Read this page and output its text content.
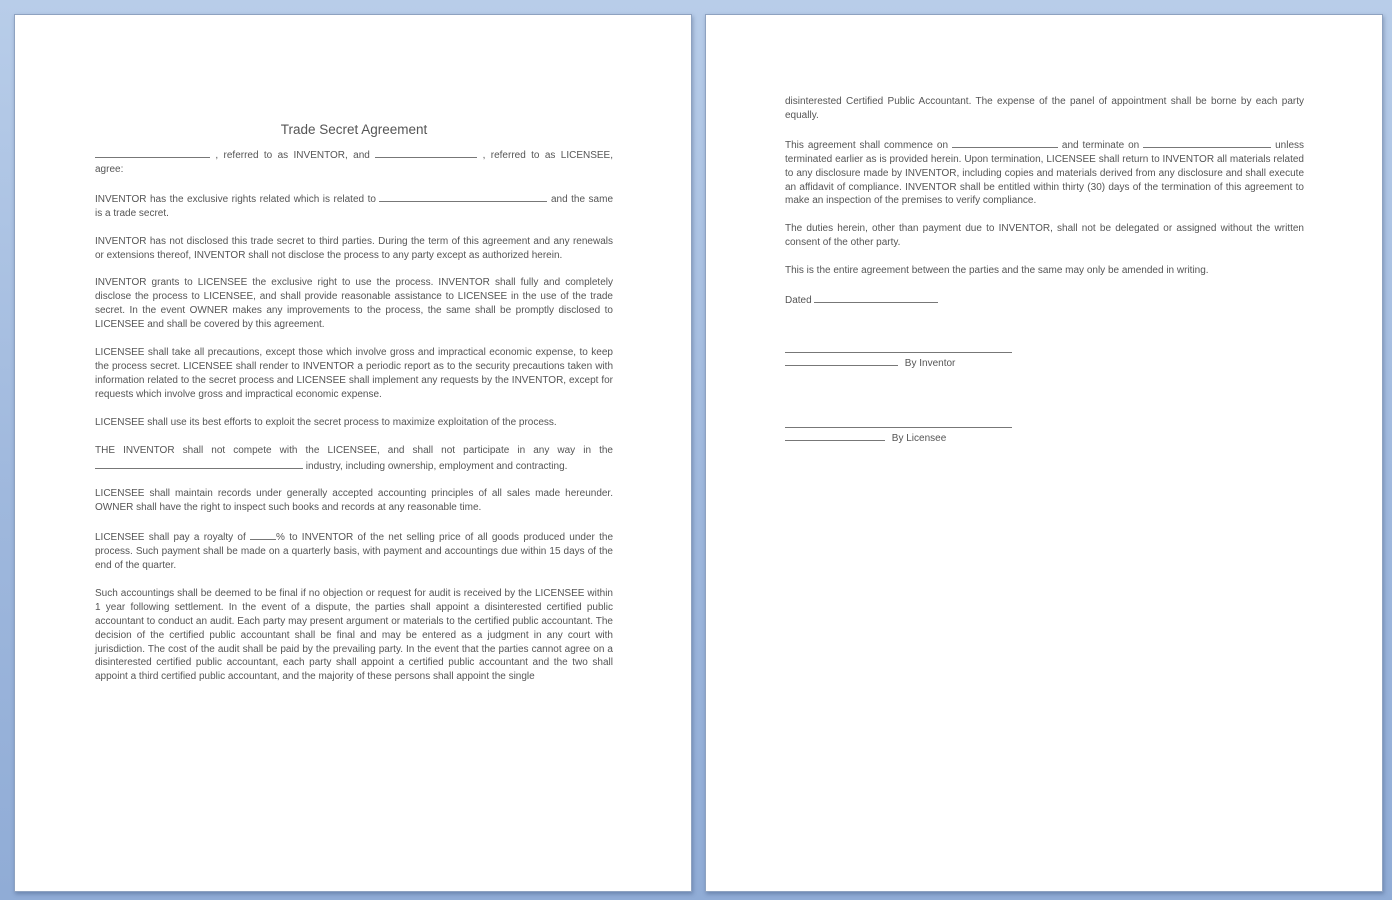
Trade Secret Agreement

, referred to as INVENTOR, and	, referred to as LICENSEE, agree:

INVENTOR has the exclusive rights related which is related to	and the same is a trade secret.

INVENTOR has not disclosed this trade secret to third parties. During the term of this agreement and any renewals or extensions thereof, INVENTOR shall not disclose the process to any party except as authorized herein.

INVENTOR grants to LICENSEE the exclusive right to use the process. INVENTOR shall fully and completely disclose the process to LICENSEE, and shall provide reasonable assistance to LICENSEE in the use of the trade secret. In the event OWNER makes any improvements to the process, the same shall be promptly disclosed to LICENSEE and shall be covered by this agreement.

LICENSEE shall take all precautions, except those which involve gross and impractical economic expense, to keep the process secret. LICENSEE shall render to INVENTOR a periodic report as to the security precautions taken with information related to the secret process and LICENSEE shall implement any requests by the INVENTOR, except for requests which involve gross and impractical economic expense.

LICENSEE shall use its best efforts to exploit the secret process to maximize exploitation of the process.

THE INVENTOR shall not compete with the LICENSEE, and shall not participate in any way in the  industry, including ownership, employment and contracting.

LICENSEE shall maintain records under generally accepted accounting principles of all sales made hereunder. OWNER shall have the right to inspect such books and records at any reasonable time.

LICENSEE shall pay a royalty of	% to INVENTOR of the net selling price of all goods produced under the process. Such payment shall be made on a quarterly basis, with payment and accountings due within 15 days of the end of the quarter.

Such accountings shall be deemed to be final if no objection or request for audit is received by the LICENSEE within 1 year following settlement. In the event of a dispute, the parties shall appoint a disinterested certified public accountant to conduct an audit. Each party may present argument or materials to the certified public accountant. The decision of the certified public accountant shall be final and may be entered as a judgment in any court with jurisdiction. The cost of the audit shall be paid by the prevailing party. In the event that the parties cannot agree on a disinterested certified public accountant, each party shall appoint a certified public accountant and the two shall appoint a third certified public accountant, and the majority of these persons shall appoint the single

disinterested Certified Public Accountant. The expense of the panel of appointment shall be borne by each party equally.

This agreement shall commence on	and terminate on	unless terminated earlier as is provided herein. Upon termination, LICENSEE shall return to INVENTOR all materials related to any disclosure made by INVENTOR, including copies and materials derived from any disclosure and shall execute an affidavit of compliance. INVENTOR shall be entitled within thirty (30) days of the termination of this agreement to make an inspection of the premises to verify compliance.

The duties herein, other than payment due to INVENTOR, shall not be delegated or assigned without the written consent of the other party.

This is the entire agreement between the parties and the same may only be amended in writing.

Dated
By Inventor
By Licensee
